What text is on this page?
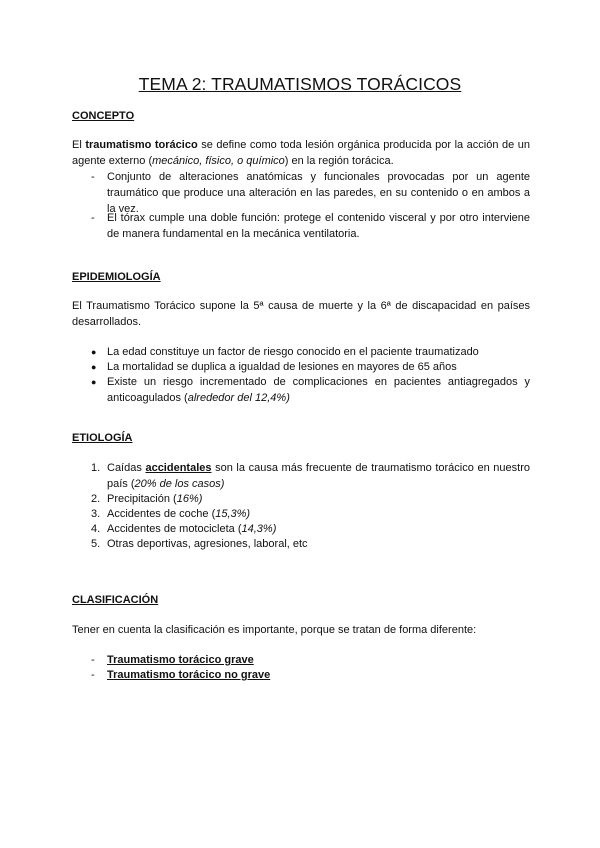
TEMA 2: TRAUMATISMOS TORÁCICOS
CONCEPTO

El traumatismo torácico se define como toda lesión orgánica producida por la acción de un agente externo (mecánico, físico, o químico) en la región torácica.

- Conjunto de alteraciones anatómicas y funcionales provocadas por un agente traumático que produce una alteración en las paredes, en su contenido o en ambos a la vez.

- El tórax cumple una doble función: protege el contenido visceral y por otro interviene de manera fundamental en la mecánica ventilatoria.

EPIDEMIOLOGÍA

El Traumatismo Torácico supone la 5ª causa de muerte y la 6ª de discapacidad en países desarrollados.

● La edad constituye un factor de riesgo conocido en el paciente traumatizado

● La mortalidad se duplica a igualdad de lesiones en mayores de 65 años

● Existe un riesgo incrementado de complicaciones en pacientes antiagregados y anticoagulados (alrededor del 12,4%)

ETIOLOGÍA
1. Caídas accidentales son la causa más frecuente de traumatismo torácico en nuestro país (20% de los casos)

2. Precipitación (16%)

3. Accidentes de coche (15,3%)

4. Accidentes de motocicleta (14,3%)

5. Otras deportivas, agresiones, laboral, etc

CLASIFICACIÓN

Tener en cuenta la clasificación es importante, porque se tratan de forma diferente:

- Traumatismo torácico grave

- Traumatismo torácico no grave
